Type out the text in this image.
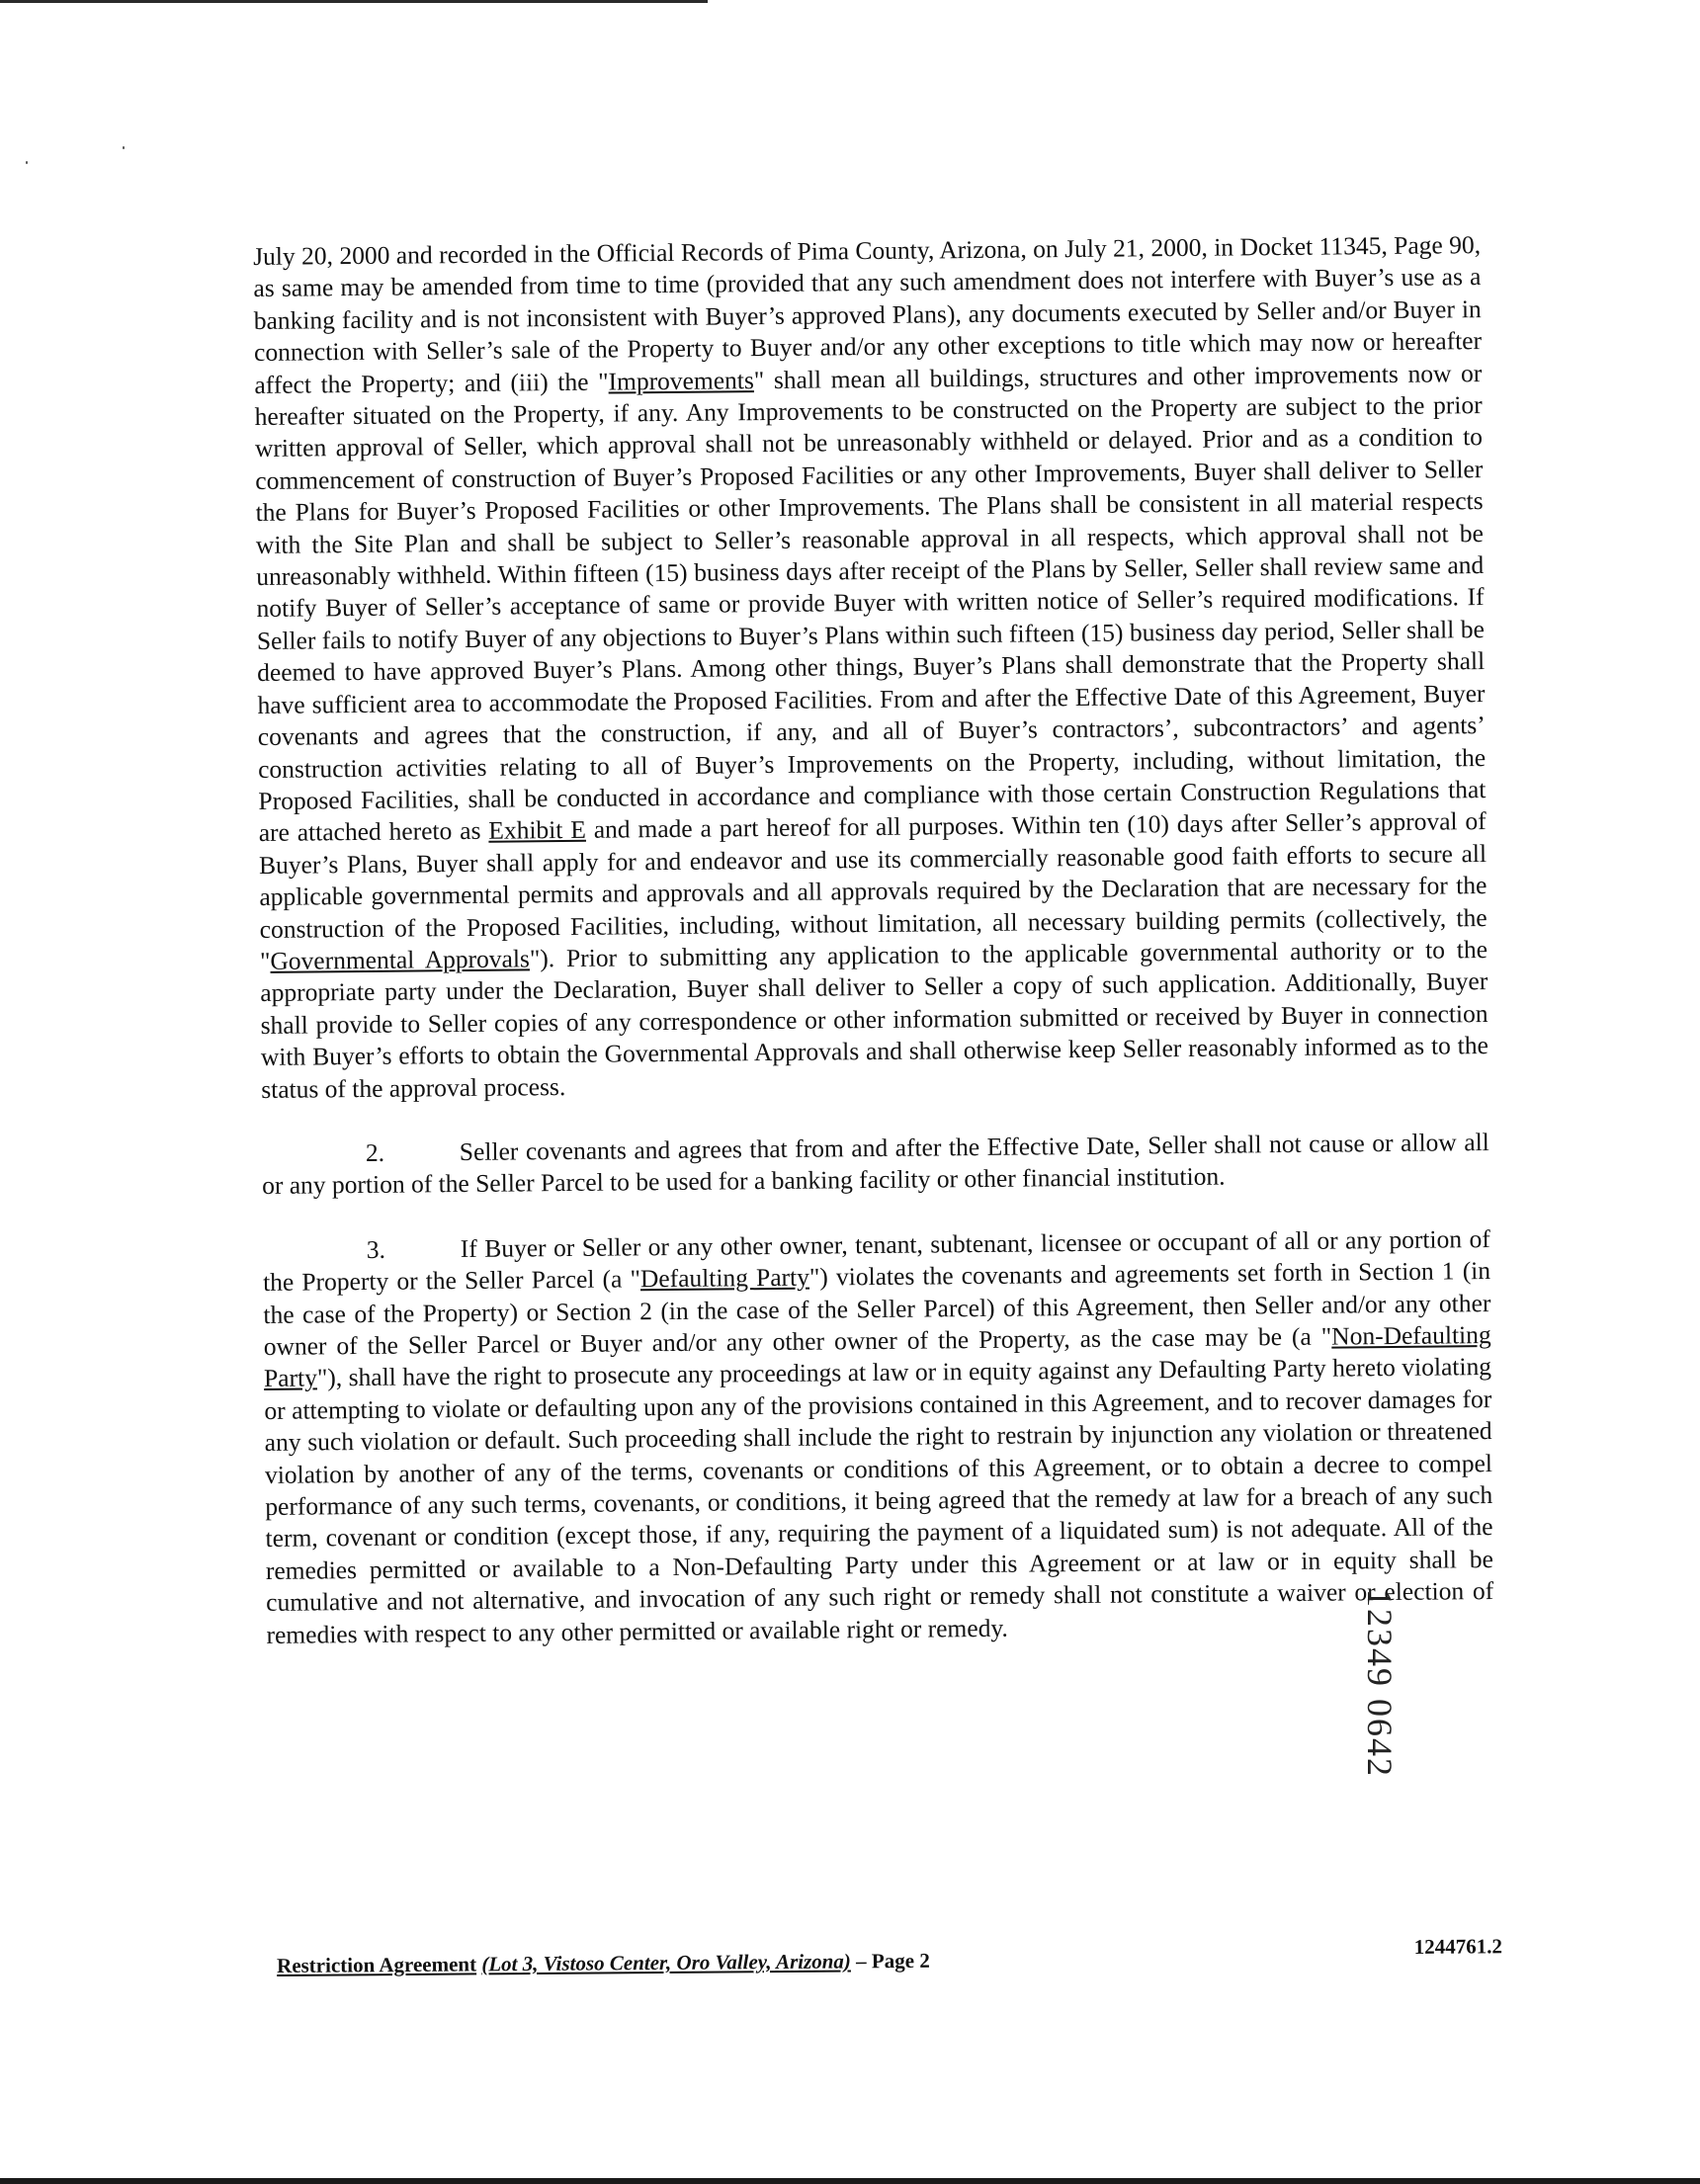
July 20, 2000 and recorded in the Official Records of Pima County, Arizona, on July 21, 2000, in Docket 11345, Page 90, as same may be amended from time to time (provided that any such amendment does not interfere with Buyer’s use as a banking facility and is not inconsistent with Buyer’s approved Plans), any documents executed by Seller and/or Buyer in connection with Seller’s sale of the Property to Buyer and/or any other exceptions to title which may now or hereafter affect the Property; and (iii) the "Improvements" shall mean all buildings, structures and other improvements now or hereafter situated on the Property, if any. Any Improvements to be constructed on the Property are subject to the prior written approval of Seller, which approval shall not be unreasonably withheld or delayed. Prior and as a condition to commencement of construction of Buyer’s Proposed Facilities or any other Improvements, Buyer shall deliver to Seller the Plans for Buyer’s Proposed Facilities or other Improvements. The Plans shall be consistent in all material respects with the Site Plan and shall be subject to Seller’s reasonable approval in all respects, which approval shall not be unreasonably withheld. Within fifteen (15) business days after receipt of the Plans by Seller, Seller shall review same and notify Buyer of Seller’s acceptance of same or provide Buyer with written notice of Seller’s required modifications. If Seller fails to notify Buyer of any objections to Buyer’s Plans within such fifteen (15) business day period, Seller shall be deemed to have approved Buyer’s Plans. Among other things, Buyer’s Plans shall demonstrate that the Property shall have sufficient area to accommodate the Proposed Facilities. From and after the Effective Date of this Agreement, Buyer covenants and agrees that the construction, if any, and all of Buyer’s contractors’, subcontractors’ and agents’ construction activities relating to all of Buyer’s Improvements on the Property, including, without limitation, the Proposed Facilities, shall be conducted in accordance and compliance with those certain Construction Regulations that are attached hereto as Exhibit E and made a part hereof for all purposes. Within ten (10) days after Seller’s approval of Buyer’s Plans, Buyer shall apply for and endeavor and use its commercially reasonable good faith efforts to secure all applicable governmental permits and approvals and all approvals required by the Declaration that are necessary for the construction of the Proposed Facilities, including, without limitation, all necessary building permits (collectively, the "Governmental Approvals"). Prior to submitting any application to the applicable governmental authority or to the appropriate party under the Declaration, Buyer shall deliver to Seller a copy of such application. Additionally, Buyer shall provide to Seller copies of any correspondence or other information submitted or received by Buyer in connection with Buyer’s efforts to obtain the Governmental Approvals and shall otherwise keep Seller reasonably informed as to the status of the approval process.

2.	Seller covenants and agrees that from and after the Effective Date, Seller shall not cause or allow all or any portion of the Seller Parcel to be used for a banking facility or other financial institution.

3.	If Buyer or Seller or any other owner, tenant, subtenant, licensee or occupant of all or any portion of the Property or the Seller Parcel (a "Defaulting Party") violates the covenants and agreements set forth in Section 1 (in the case of the Property) or Section 2 (in the case of the Seller Parcel) of this Agreement, then Seller and/or any other owner of the Seller Parcel or Buyer and/or any other owner of the Property, as the case may be (a "Non-Defaulting Party"), shall have the right to prosecute any proceedings at law or in equity against any Defaulting Party hereto violating or attempting to violate or defaulting upon any of the provisions contained in this Agreement, and to recover damages for any such violation or default. Such proceeding shall include the right to restrain by injunction any violation or threatened violation by another of any of the terms, covenants or conditions of this Agreement, or to obtain a decree to compel performance of any such terms, covenants, or conditions, it being agreed that the remedy at law for a breach of any such term, covenant or condition (except those, if any, requiring the payment of a liquidated sum) is not adequate. All of the remedies permitted or available to a Non-Defaulting Party under this Agreement or at law or in equity shall be cumulative and not alternative, and invocation of any such right or remedy shall not constitute a waiver or election of remedies with respect to any other permitted or available right or remedy.

Restriction Agreement (Lot 3, Vistoso Center, Oro Valley, Arizona) – Page 2
1244761.2
12349 0642
